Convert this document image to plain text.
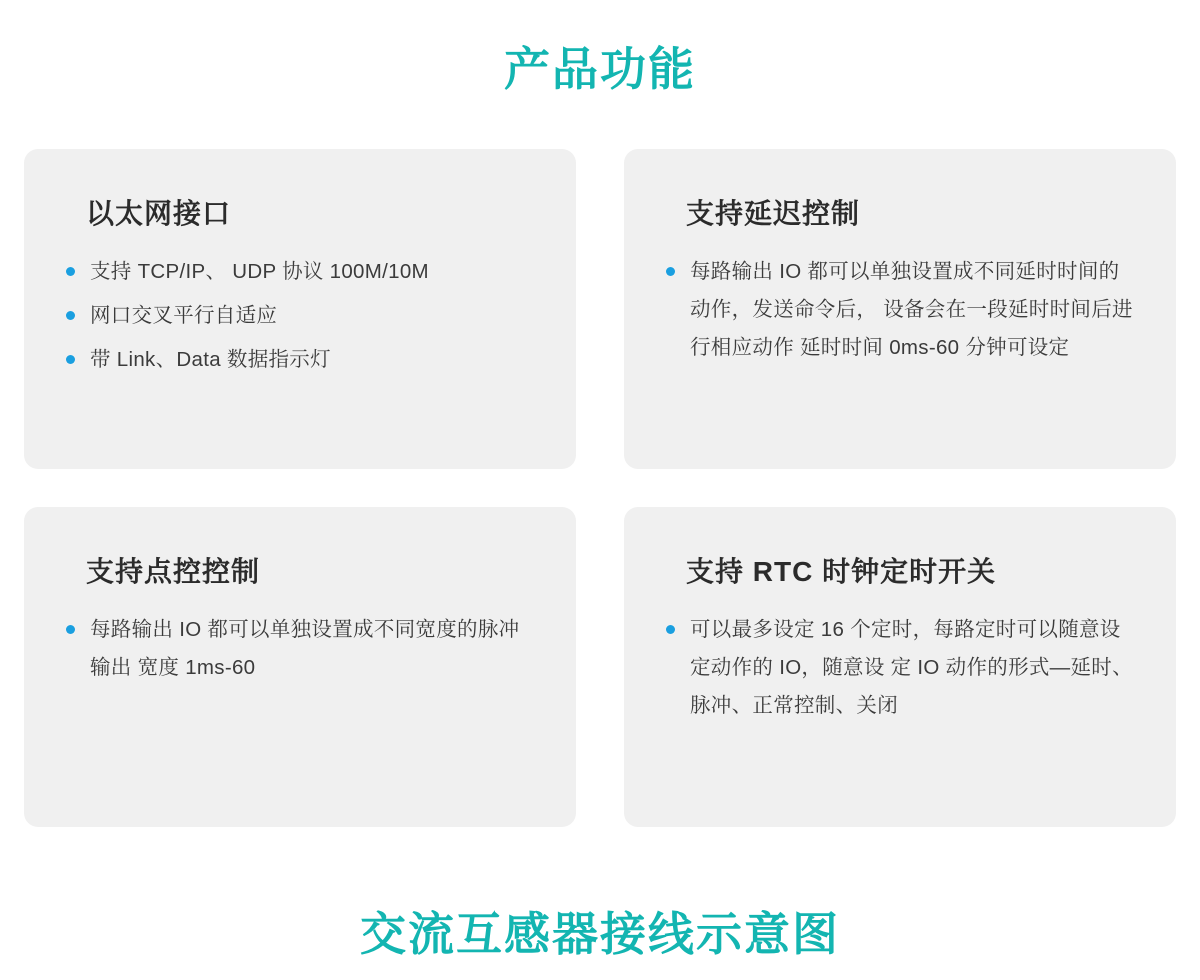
产品功能
以太网接口
支持 TCP/IP、 UDP 协议 100M/10M
网口交叉平行自适应
带 Link、Data 数据指示灯
支持延迟控制
每路输出 IO 都可以单独设置成不同延时时间的动作，发送命令后， 设备会在一段延时时间后进行相应动作 延时时间 0ms-60 分钟可设定
支持点控控制
每路输出 IO 都可以单独设置成不同宽度的脉冲输出 宽度 1ms-60
支持 RTC 时钟定时开关
可以最多设定 16 个定时，每路定时可以随意设定动作的 IO，随意设 定 IO 动作的形式—延时、脉冲、正常控制、关闭
交流互感器接线示意图
